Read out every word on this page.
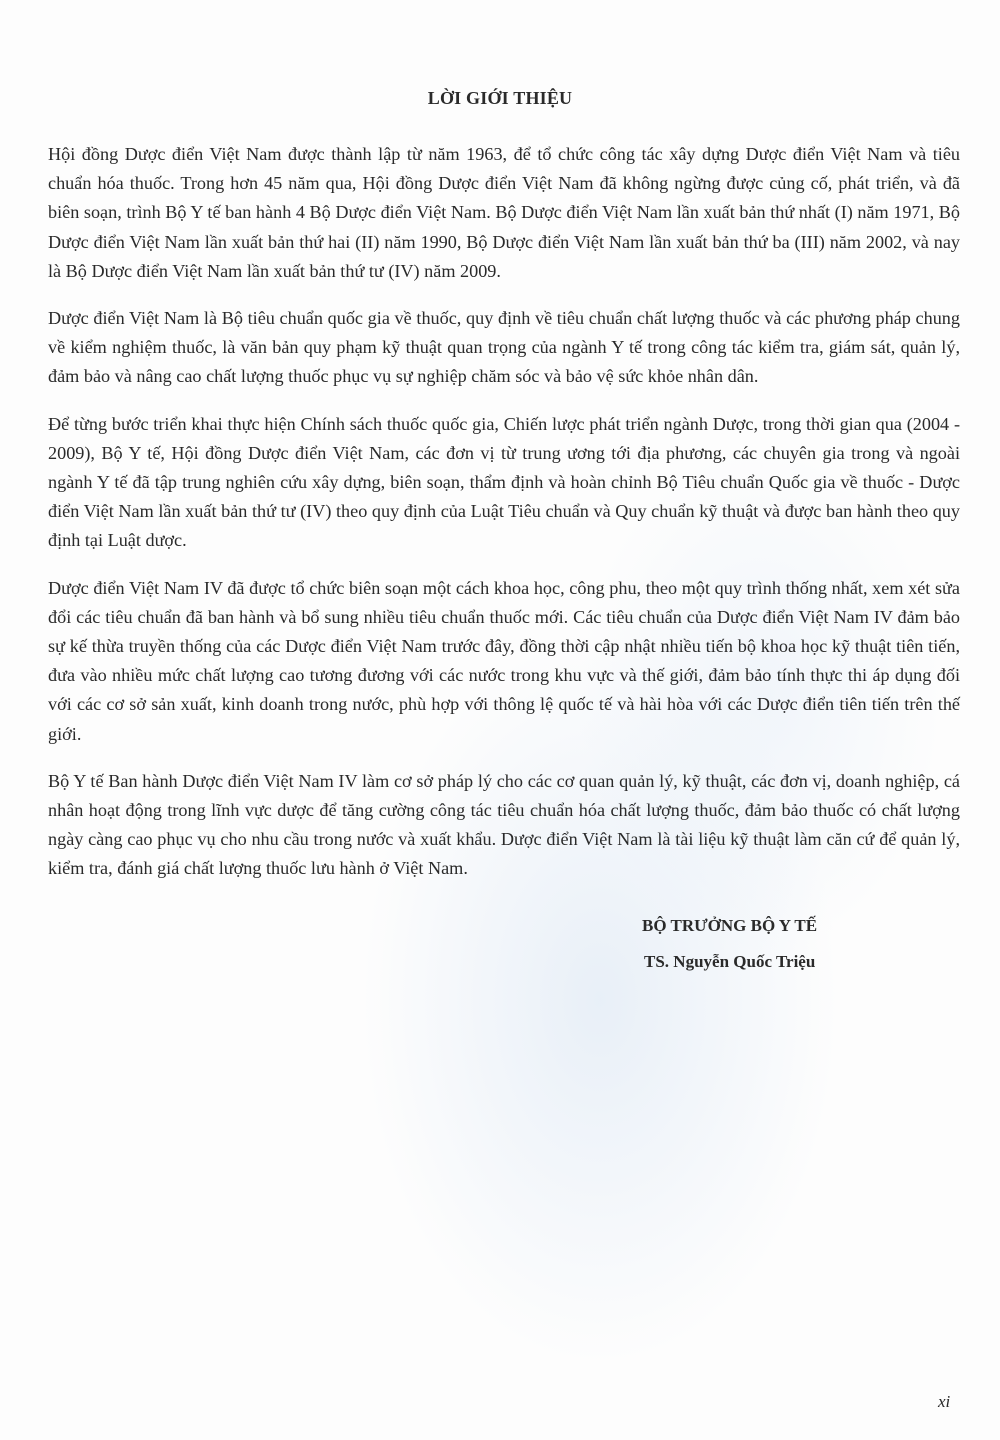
LỜI GIỚI THIỆU

Hội đồng Dược điển Việt Nam được thành lập từ năm 1963, để tổ chức công tác xây dựng Dược điển Việt Nam và tiêu chuẩn hóa thuốc. Trong hơn 45 năm qua, Hội đồng Dược điển Việt Nam đã không ngừng được củng cố, phát triển, và đã biên soạn, trình Bộ Y tế ban hành 4 Bộ Dược điển Việt Nam. Bộ Dược điển Việt Nam lần xuất bản thứ nhất (I) năm 1971, Bộ Dược điển Việt Nam lần xuất bản thứ hai (II) năm 1990, Bộ Dược điển Việt Nam lần xuất bản thứ ba (III) năm 2002, và nay là Bộ Dược điển Việt Nam lần xuất bản thứ tư (IV) năm 2009.

Dược điển Việt Nam là Bộ tiêu chuẩn quốc gia về thuốc, quy định về tiêu chuẩn chất lượng thuốc và các phương pháp chung về kiểm nghiệm thuốc, là văn bản quy phạm kỹ thuật quan trọng của ngành Y tế trong công tác kiểm tra, giám sát, quản lý, đảm bảo và nâng cao chất lượng thuốc phục vụ sự nghiệp chăm sóc và bảo vệ sức khỏe nhân dân.

Để từng bước triển khai thực hiện Chính sách thuốc quốc gia, Chiến lược phát triển ngành Dược, trong thời gian qua (2004 - 2009), Bộ Y tế, Hội đồng Dược điển Việt Nam, các đơn vị từ trung ương tới địa phương, các chuyên gia trong và ngoài ngành Y tế đã tập trung nghiên cứu xây dựng, biên soạn, thẩm định và hoàn chỉnh Bộ Tiêu chuẩn Quốc gia về thuốc - Dược điển Việt Nam lần xuất bản thứ tư (IV) theo quy định của Luật Tiêu chuẩn và Quy chuẩn kỹ thuật và được ban hành theo quy định tại Luật dược.

Dược điển Việt Nam IV đã được tổ chức biên soạn một cách khoa học, công phu, theo một quy trình thống nhất, xem xét sửa đổi các tiêu chuẩn đã ban hành và bổ sung nhiều tiêu chuẩn thuốc mới. Các tiêu chuẩn của Dược điển Việt Nam IV đảm bảo sự kế thừa truyền thống của các Dược điển Việt Nam trước đây, đồng thời cập nhật nhiều tiến bộ khoa học kỹ thuật tiên tiến, đưa vào nhiều mức chất lượng cao tương đương với các nước trong khu vực và thế giới, đảm bảo tính thực thi áp dụng đối với các cơ sở sản xuất, kinh doanh trong nước, phù hợp với thông lệ quốc tế và hài hòa với các Dược điển tiên tiến trên thế giới.

Bộ Y tế Ban hành Dược điển Việt Nam IV làm cơ sở pháp lý cho các cơ quan quản lý, kỹ thuật, các đơn vị, doanh nghiệp, cá nhân hoạt động trong lĩnh vực dược để tăng cường công tác tiêu chuẩn hóa chất lượng thuốc, đảm bảo thuốc có chất lượng ngày càng cao phục vụ cho nhu cầu trong nước và xuất khẩu. Dược điển Việt Nam là tài liệu kỹ thuật làm căn cứ để quản lý, kiểm tra, đánh giá chất lượng thuốc lưu hành ở Việt Nam.

BỘ TRƯỞNG BỘ Y TẾ

TS. Nguyễn Quốc Triệu

xi
